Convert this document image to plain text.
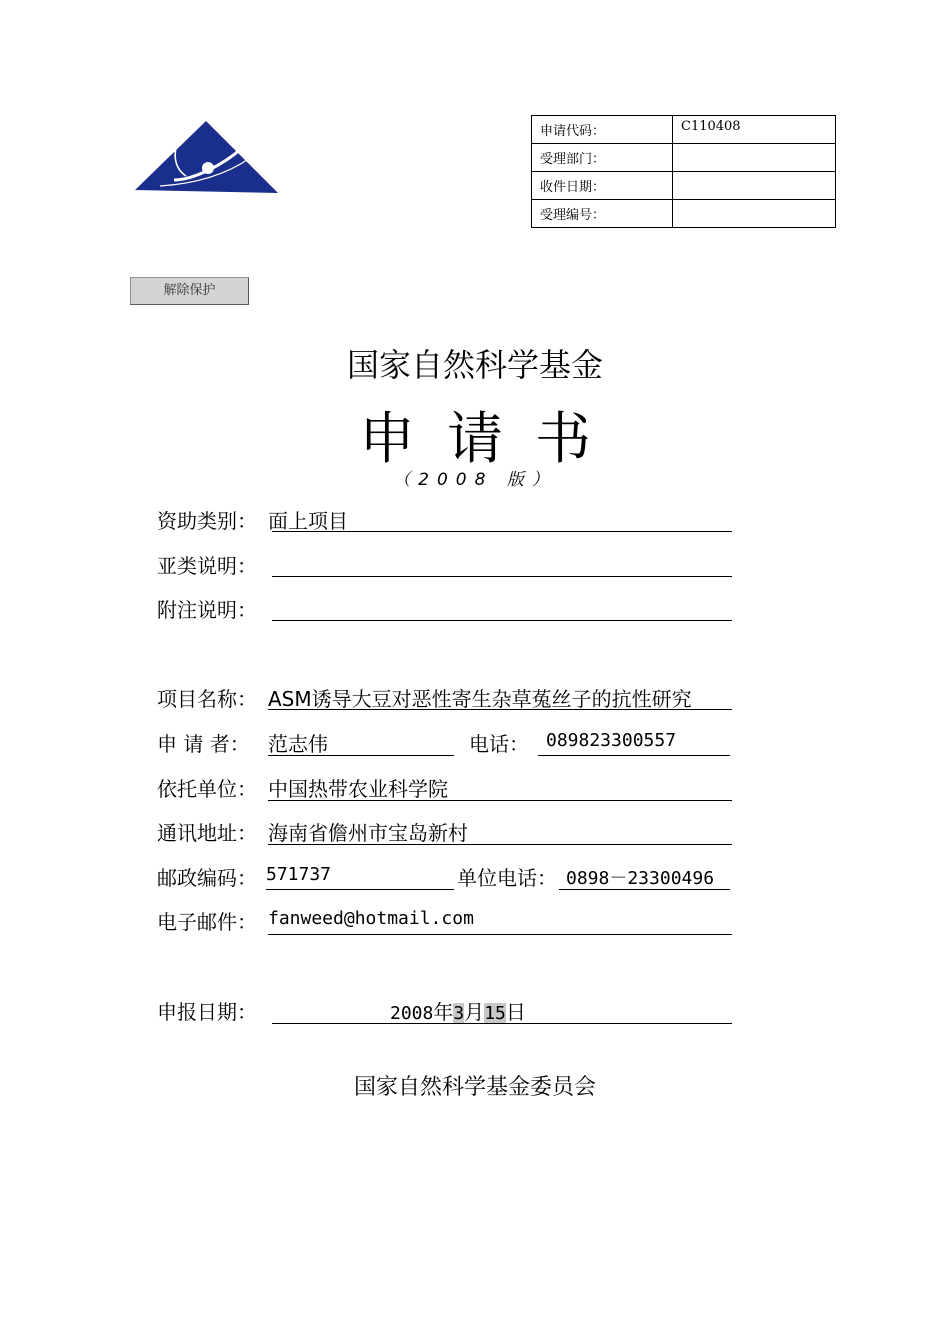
申请代码：	C110408
受理部门：	
收件日期：	
受理编号：	
解除保护
国家自然科学基金
申请书
（2008 版）
资助类别： 面上项目
亚类说明：
附注说明：
项目名称： ASM诱导大豆对恶性寄生杂草菟丝子的抗性研究
申 请 者： 范志伟	电话： 089823300557
依托单位： 中国热带农业科学院
通讯地址： 海南省儋州市宝岛新村
邮政编码： 571737	单位电话： 0898－23300496
电子邮件： fanweed@hotmail.com
申报日期：	2008年3月15日
国家自然科学基金委员会
